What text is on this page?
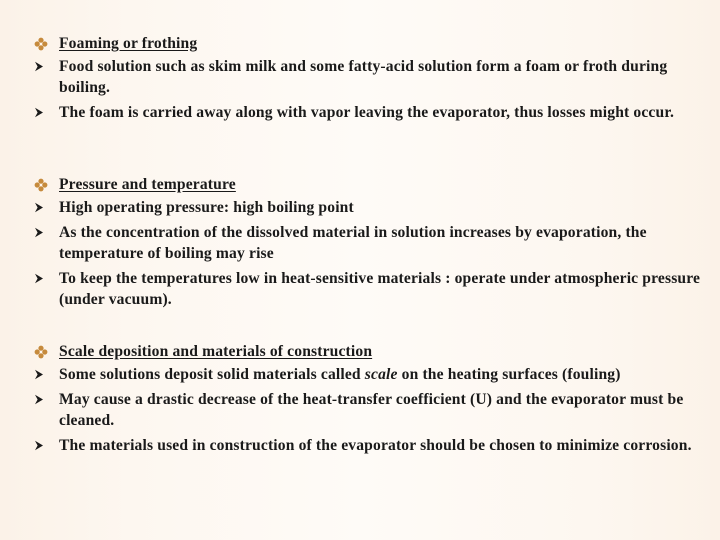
Foaming or frothing
Food solution such as skim milk and some fatty-acid solution form a foam or froth during boiling.
The foam is carried away along with vapor leaving the evaporator, thus losses might occur.
Pressure and temperature
High operating pressure: high boiling point
As the concentration of the dissolved material in solution increases by evaporation, the temperature of boiling may rise
To keep the temperatures low in heat-sensitive materials : operate under atmospheric pressure (under vacuum).
Scale deposition and materials of construction
Some solutions deposit solid materials called scale on the heating surfaces (fouling)
May cause a drastic decrease of the heat-transfer coefficient (U) and the evaporator must be cleaned.
The materials used in construction of the evaporator should be chosen to minimize corrosion.
